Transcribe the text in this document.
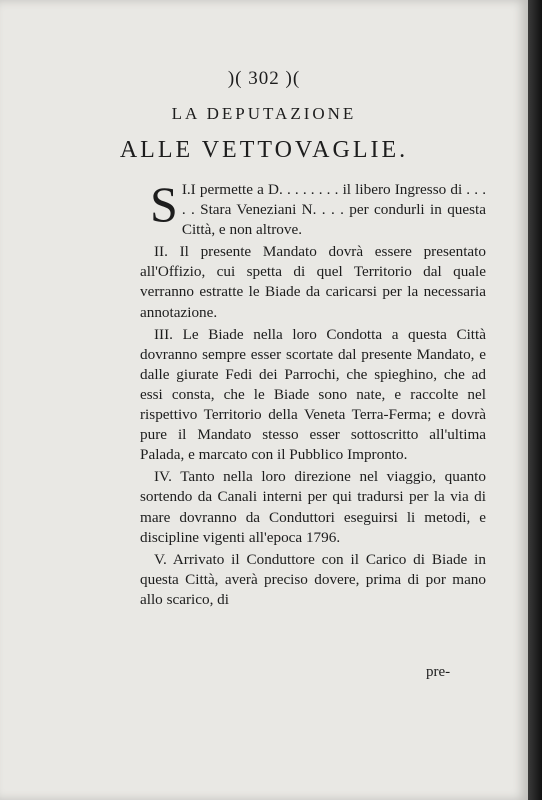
)( 302 )(
LA DEPUTAZIONE
ALLE VETTOVAGLIE.

I.
S I permette a D. . . . . . . . il libero Ingresso di . . . . . Stara Veneziani N. . . . per condurli in questa Città, e non altrove.

II. Il presente Mandato dovrà essere presentato all'Offizio, cui spetta di quel Territorio dal quale verranno estratte le Biade da caricarsi per la necessaria annotazione.

III. Le Biade nella loro Condotta a questa Città dovranno sempre esser scortate dal presente Mandato, e dalle giurate Fedi dei Parrochi, che spieghino, che ad essi consta, che le Biade sono nate, e raccolte nel rispettivo Territorio della Veneta Terra-Ferma; e dovrà pure il Mandato stesso esser sottoscritto all'ultima Palada, e marcato con il Pubblico Impronto.

IV. Tanto nella loro direzione nel viaggio, quanto sortendo da Canali interni per qui tradursi per la via di mare dovranno da Conduttori eseguirsi li metodi, e discipline vigenti all'epoca 1796.

V. Arrivato il Conduttore con il Carico di Biade in questa Città, averà preciso dovere, prima di por mano allo scarico, di

pre-
